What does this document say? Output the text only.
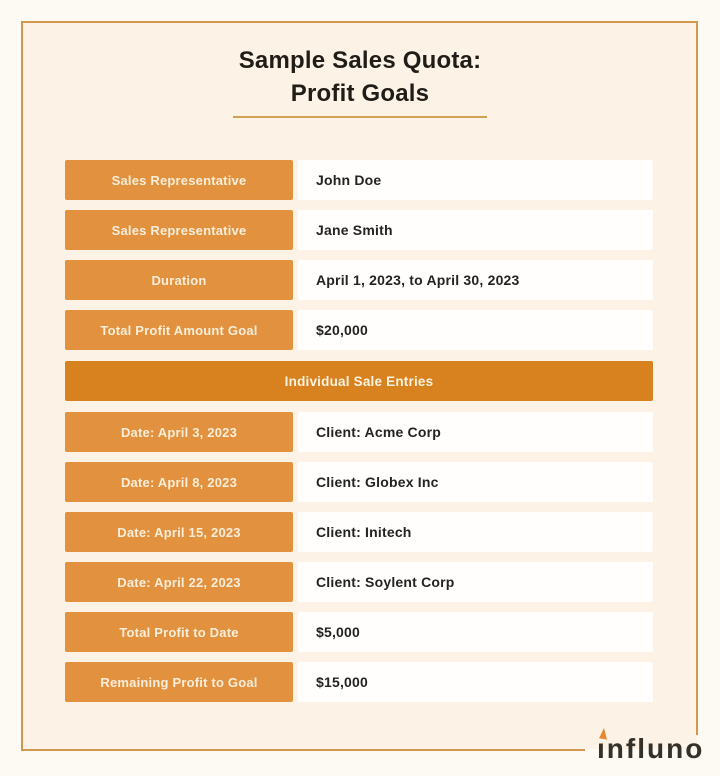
Sample Sales Quota:
Profit Goals
Sales Representative	John Doe
Sales Representative	Jane Smith
Duration	April 1, 2023, to April 30, 2023
Total Profit Amount Goal	$20,000
Individual Sale Entries
Date: April 3, 2023	Client: Acme Corp
Date: April 8, 2023	Client: Globex Inc
Date: April 15, 2023	Client: Initech
Date: April 22, 2023	Client: Soylent Corp
Total Profit to Date	$5,000
Remaining Profit to Goal	$15,000
ınfluno
